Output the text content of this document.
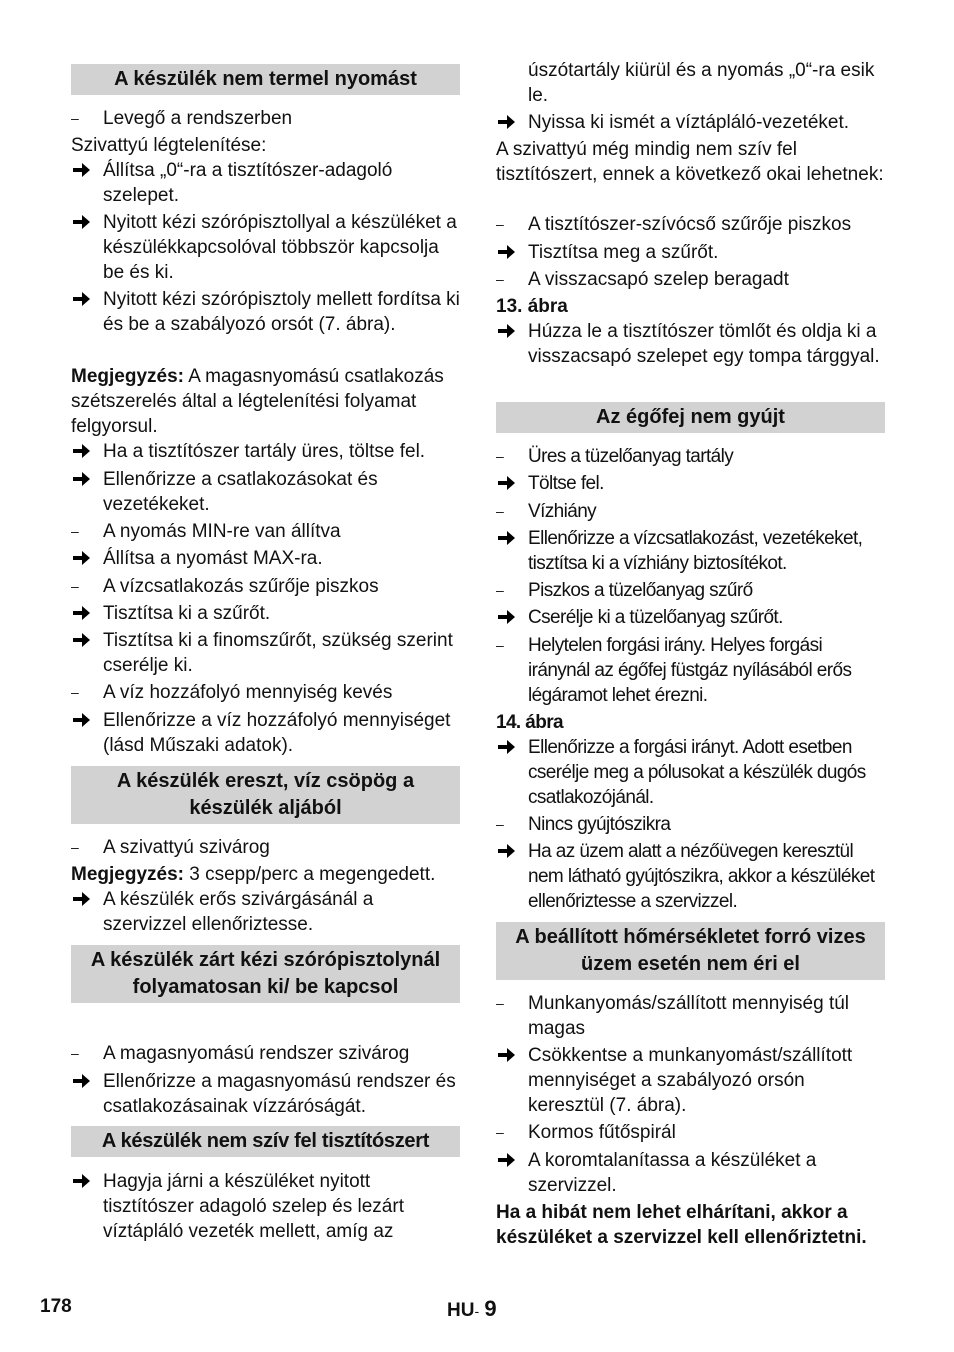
A készülék nem termel nyomást
–	Levegő a rendszerben
Szivattyú légtelenítése:
Állítsa „0“-ra a tisztítószer-adagoló szelepet.
Nyitott kézi szórópisztollyal a készüléket a készülékkapcsolóval többször kapcsolja be és ki.
Nyitott kézi szórópisztoly mellett fordítsa ki és be a szabályozó orsót (7. ábra).
Megjegyzés: A magasnyomású csatlakozás szétszerelés által a légtelenítési folyamat felgyorsul.
Ha a tisztítószer tartály üres, töltse fel.
Ellenőrizze a csatlakozásokat és vezetékeket.
–	A nyomás MIN-re van állítva
Állítsa a nyomást MAX-ra.
–	A vízcsatlakozás szűrője piszkos
Tisztítsa ki a szűrőt.
Tisztítsa ki a finomszűrőt, szükség szerint cserélje ki.
–	A víz hozzáfolyó mennyiség kevés
Ellenőrizze a víz hozzáfolyó mennyiséget (lásd Műszaki adatok).
A készülék ereszt, víz csöpög a készülék aljából
–	A szivattyú szivárog
Megjegyzés: 3 csepp/perc a megengedett.
A készülék erős szivárgásánál a szervizzel ellenőriztesse.
A készülék zárt kézi szórópisztolynál folyamatosan ki/ be kapcsol
–	A magasnyomású rendszer szivárog
Ellenőrizze a magasnyomású rendszer és csatlakozásainak vízzáróságát.
A készülék nem szív fel tisztítószert
Hagyja járni a készüléket nyitott tisztítószer adagoló szelep és lezárt víztápláló vezeték mellett, amíg az
úszótartály kiürül és a nyomás „0“-ra esik le.
Nyissa ki ismét a víztápláló-vezetéket.
A szivattyú még mindig nem szív fel tisztítószert, ennek a következő okai lehetnek:
–	A tisztítószer-szívócső szűrője piszkos
Tisztítsa meg a szűrőt.
–	A visszacsapó szelep beragadt
13. ábra
Húzza le a tisztítószer tömlőt és oldja ki a visszacsapó szelepet egy tompa tárggyal.
Az égőfej nem gyújt
–	Üres a tüzelőanyag tartály
Töltse fel.
–	Vízhiány
Ellenőrizze a vízcsatlakozást, vezetékeket, tisztítsa ki a vízhiány biztosítékot.
–	Piszkos a tüzelőanyag szűrő
Cserélje ki a tüzelőanyag szűrőt.
–	Helytelen forgási irány. Helyes forgási iránynál az égőfej füstgáz nyílásából erős légáramot lehet érezni.
14. ábra
Ellenőrizze a forgási irányt. Adott esetben cserélje meg a pólusokat a készülék dugós csatlakozójánál.
–	Nincs gyújtószikra
Ha az üzem alatt a nézőüvegen keresztül nem látható gyújtószikra, akkor a készüléket ellenőriztesse a szervizzel.
A beállított hőmérsékletet forró vizes üzem esetén nem éri el
–	Munkanyomás/szállított mennyiség túl magas
Csökkentse a munkanyomást/szállított mennyiséget a szabályozó orsón keresztül (7. ábra).
–	Kormos fűtőspirál
A koromtalanítassa a készüléket a szervizzel.
Ha a hibát nem lehet elhárítani, akkor a készüléket a szervizzel kell ellenőriztetni.
178	HU- 9
